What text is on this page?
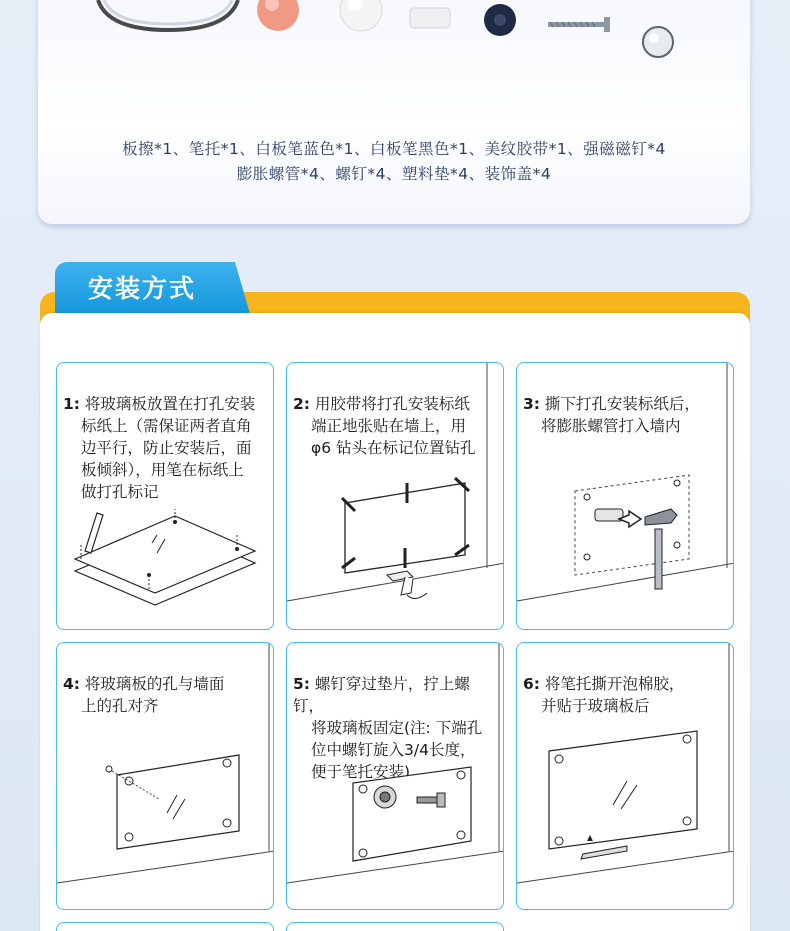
板擦*1、笔托*1、白板笔蓝色*1、白板笔黑色*1、美纹胶带*1、强磁磁钉*4
膨胀螺管*4、螺钉*4、塑料垫*4、装饰盖*4
安装方式
1: 将玻璃板放置在打孔安装
标纸上（需保证两者直角
边平行，防止安装后，面
板倾斜），用笔在标纸上
做打孔标记
2: 用胶带将打孔安装标纸
端正地张贴在墙上，用
φ6 钻头在标记位置钻孔
3: 撕下打孔安装标纸后，
将膨胀螺管打入墙内
4: 将玻璃板的孔与墙面
上的孔对齐
5: 螺钉穿过垫片，拧上螺钉，
将玻璃板固定(注: 下端孔
位中螺钉旋入3/4长度，
便于笔托安装)
6: 将笔托撕开泡棉胶，
并贴于玻璃板后
